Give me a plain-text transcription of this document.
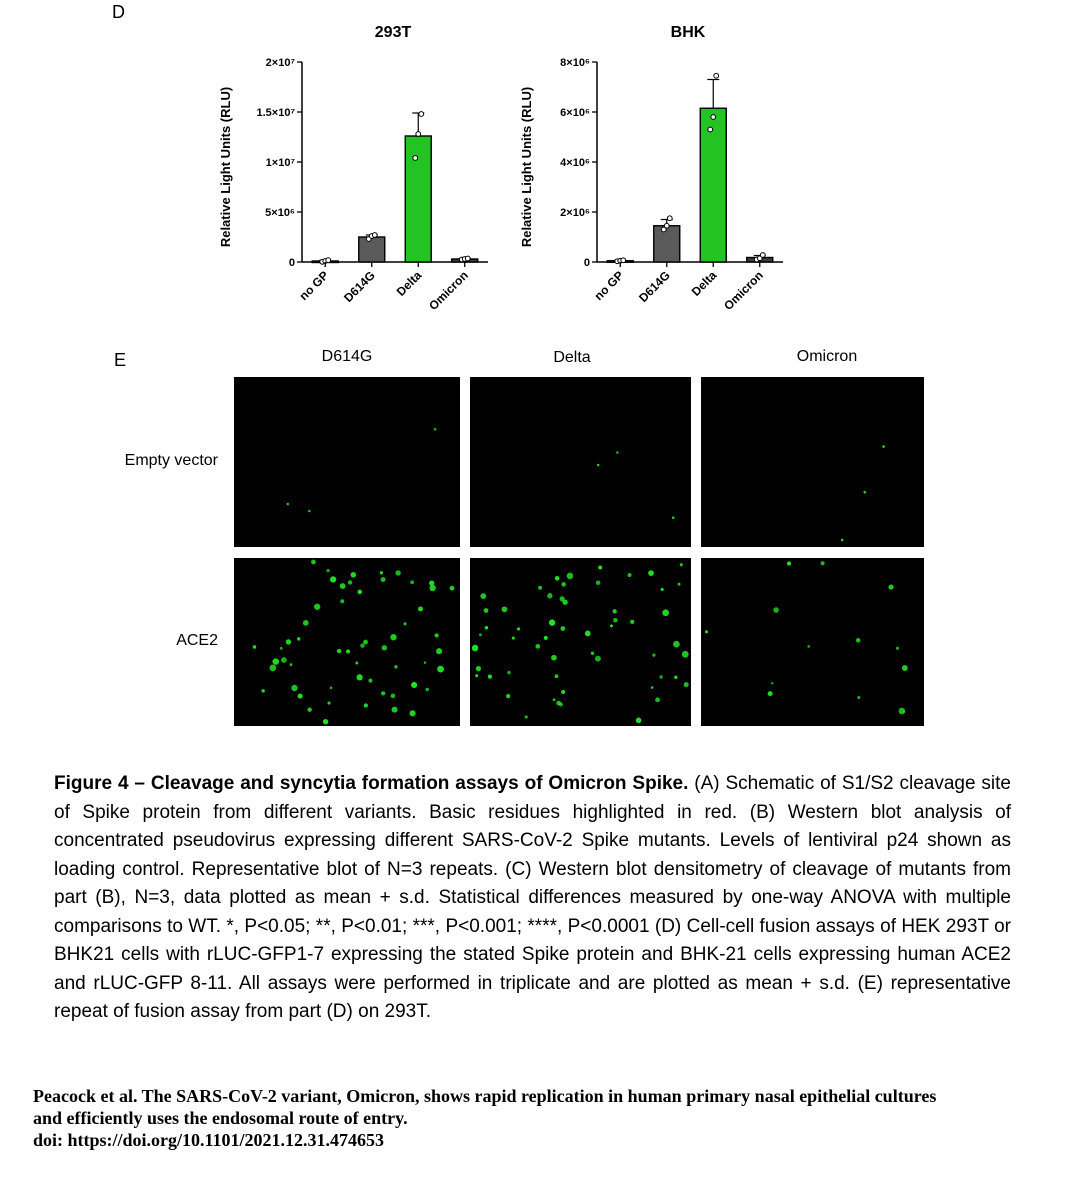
D
293T
Relative Light Units (RLU)
0
5×10⁶
1×10⁷
1.5×10⁷
2×10⁷
no GP D614G Delta Omicron
BHK
Relative Light Units (RLU)
0
2×10⁶
4×10⁶
6×10⁶
8×10⁶
no GP D614G Delta Omicron
E	D614G	Delta	Omicron
Empty vector
ACE2
Figure 4 – Cleavage and syncytia formation assays of Omicron Spike. (A) Schematic of S1/S2 cleavage site of Spike protein from different variants. Basic residues highlighted in red. (B) Western blot analysis of concentrated pseudovirus expressing different SARS-CoV-2 Spike mutants. Levels of lentiviral p24 shown as loading control. Representative blot of N=3 repeats. (C) Western blot densitometry of cleavage of mutants from part (B), N=3, data plotted as mean + s.d. Statistical differences measured by one-way ANOVA with multiple comparisons to WT. *, P<0.05; **, P<0.01; ***, P<0.001; ****, P<0.0001 (D) Cell-cell fusion assays of HEK 293T or BHK21 cells with rLUC-GFP1-7 expressing the stated Spike protein and BHK-21 cells expressing human ACE2 and rLUC-GFP 8-11. All assays were performed in triplicate and are plotted as mean + s.d. (E) representative repeat of fusion assay from part (D) on 293T.
Peacock et al. The SARS-CoV-2 variant, Omicron, shows rapid replication in human primary nasal epithelial cultures
and efficiently uses the endosomal route of entry.
doi: https://doi.org/10.1101/2021.12.31.474653
